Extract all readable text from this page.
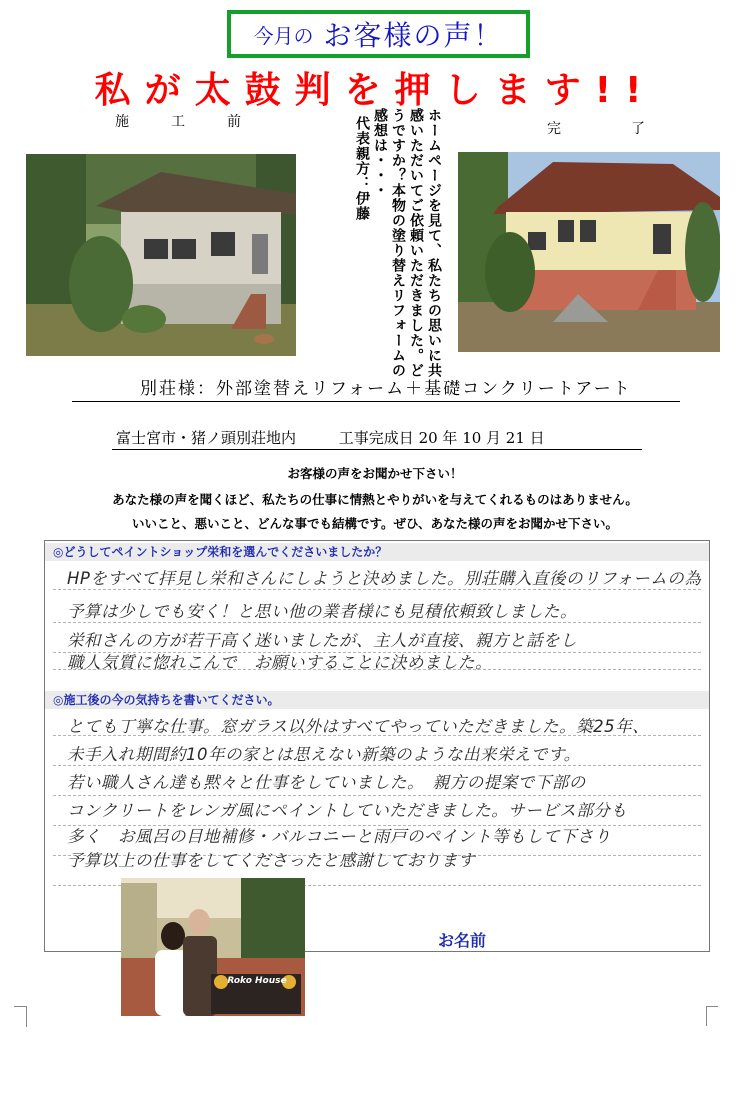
今月の お客様の声！
私が太鼓判を押します!!
施　工　前	完　　了
ホームページを見て、私たちの思いに共感いただいてご依頼いただきました。どうですか？本物の塗り替えリフォームの感想は・・・
代表親方：伊藤
別荘様：外部塗替えリフォーム＋基礎コンクリートアート
富士宮市・猪ノ頭別荘地内　　	工事完成日 20 年 10 月 21 日
お客様の声をお聞かせ下さい！
あなた様の声を聞くほど、私たちの仕事に情熱とやりがいを与えてくれるものはありません。
いいこと、悪いこと、どんな事でも結構です。ぜひ、あなた様の声をお聞かせ下さい。
◎どうしてペイントショップ栄和を選んでくださいましたか？
HPをすべて拝見し栄和さんにしようと決めました。別荘購入直後のリフォームの為
予算は少しでも安く！と思い他の業者様にも見積依頼致しました。
栄和さんの方が若干高く迷いましたが、主人が直接、親方と話をし
職人気質に惚れこんで　お願いすることに決めました。
◎施工後の今の気持ちを書いてください。
とても丁寧な仕事。窓ガラス以外はすべてやっていただきました。築25年、
未手入れ期間約10年の家とは思えない新築のような出来栄えです。
若い職人さん達も黙々と仕事をしていました。　親方の提案で下部の
コンクリートをレンガ風にペイントしていただきました。サービス部分も
多く　お風呂の目地補修・バルコニーと雨戸のペイント等もして下さり
予算以上の仕事をしてくださったと感謝しております
Roko House
お名前
